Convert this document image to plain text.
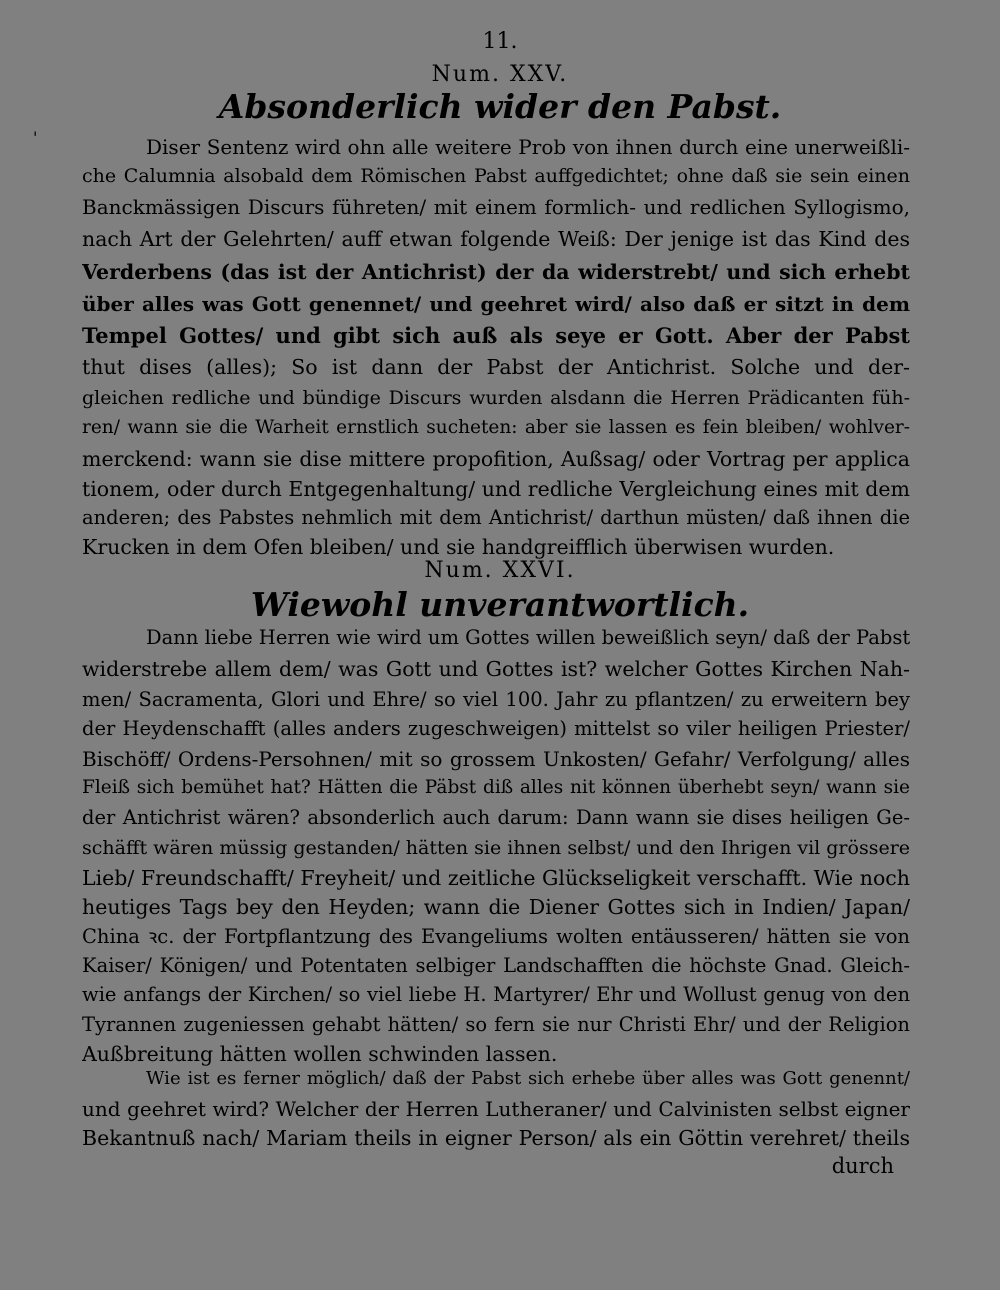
'
11.
Num. XXV.
Absonderlich wider den Pabst.
Diser Sentenz wird ohn alle weitere Prob von ihnen durch eine unerweißli-
che Calumnia alsobald dem Römischen Pabst auffgedichtet; ohne daß sie sein einen
Banckmässigen Discurs führeten/ mit einem formlich- und redlichen Syllogismo,
nach Art der Gelehrten/ auff etwan folgende Weiß: Der jenige ist das Kind des
Verderbens (das ist der Antichrist) der da widerstrebt/ und sich erhebt
über alles was Gott genennet/ und geehret wird/ also daß er sitzt in dem
Tempel Gottes/ und gibt sich auß als seye er Gott. Aber der Pabst
thut dises (alles); So ist dann der Pabst der Antichrist. Solche und der-
gleichen redliche und bündige Discurs wurden alsdann die Herren Prädicanten füh-
ren/ wann sie die Warheit ernstlich sucheten: aber sie lassen es fein bleiben/ wohlver-
merckend: wann sie dise mittere propofition, Außsag/ oder Vortrag per applica
tionem, oder durch Entgegenhaltung/ und redliche Vergleichung eines mit dem
anderen; des Pabstes nehmlich mit dem Antichrist/ darthun müsten/ daß ihnen die
Krucken in dem Ofen bleiben/ und sie handgreifflich überwisen wurden.
Num. XXVI.
Wiewohl unverantwortlich.
Dann liebe Herren wie wird um Gottes willen beweißlich seyn/ daß der Pabst
widerstrebe allem dem/ was Gott und Gottes ist? welcher Gottes Kirchen Nah-
men/ Sacramenta, Glori und Ehre/ so viel 100. Jahr zu pflantzen/ zu erweitern bey
der Heydenschafft (alles anders zugeschweigen) mittelst so viler heiligen Priester/
Bischöff/ Ordens-Persohnen/ mit so grossem Unkosten/ Gefahr/ Verfolgung/ alles
Fleiß sich bemühet hat? Hätten die Päbst diß alles nit können überhebt seyn/ wann sie
der Antichrist wären? absonderlich auch darum: Dann wann sie dises heiligen Ge-
schäfft wären müssig gestanden/ hätten sie ihnen selbst/ und den Ihrigen vil grössere
Lieb/ Freundschafft/ Freyheit/ und zeitliche Glückseligkeit verschafft. Wie noch
heutiges Tags bey den Heyden; wann die Diener Gottes sich in Indien/ Japan/
China ꝛc. der Fortpflantzung des Evangeliums wolten entäusseren/ hätten sie von
Kaiser/ Königen/ und Potentaten selbiger Landschafften die höchste Gnad. Gleich-
wie anfangs der Kirchen/ so viel liebe H. Martyrer/ Ehr und Wollust genug von den
Tyrannen zugeniessen gehabt hätten/ so fern sie nur Christi Ehr/ und der Religion
Außbreitung hätten wollen schwinden lassen.
Wie ist es ferner möglich/ daß der Pabst sich erhebe über alles was Gott genennt/
und geehret wird? Welcher der Herren Lutheraner/ und Calvinisten selbst eigner
Bekantnuß nach/ Mariam theils in eigner Person/ als ein Göttin verehret/ theils
durch
